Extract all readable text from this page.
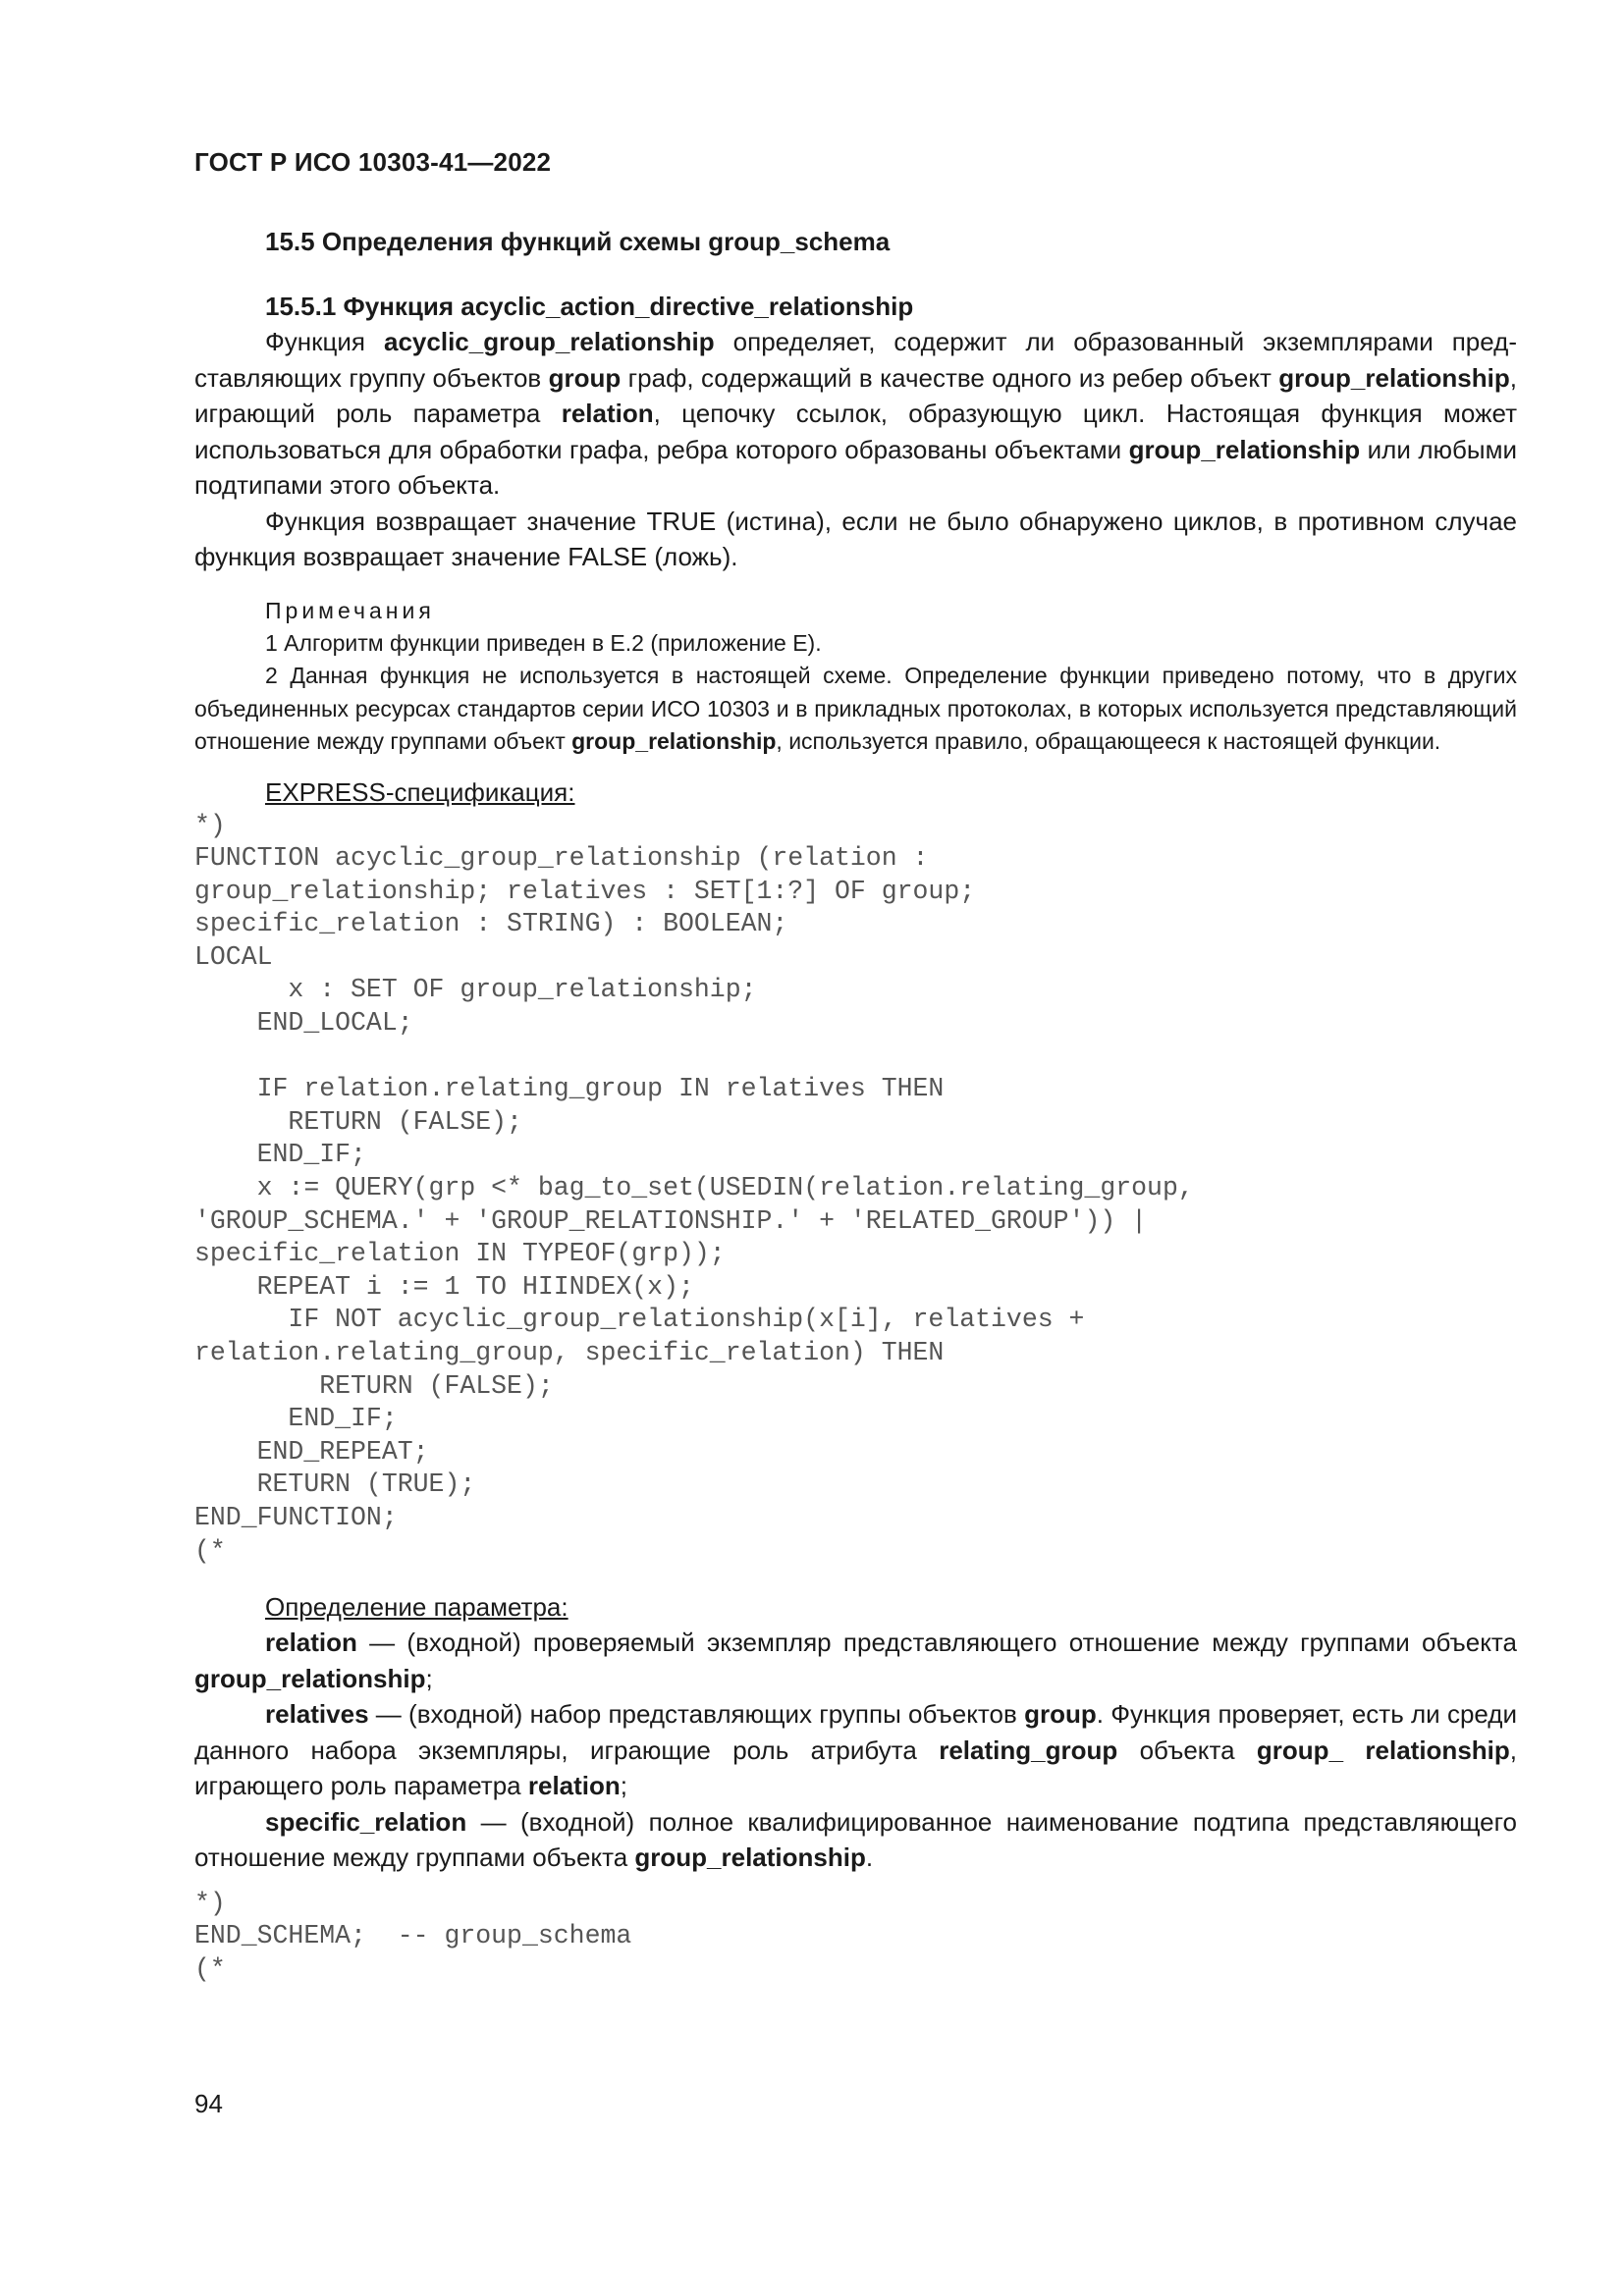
ГОСТ Р ИСО 10303-41—2022
15.5 Определения функций схемы group_schema
15.5.1 Функция acyclic_action_directive_relationship

Функция acyclic_group_relationship определяет, содержит ли образованный экземплярами представляющих группу объектов group граф, содержащий в качестве одного из ребер объект group_relationship, играющий роль параметра relation, цепочку ссылок, образующую цикл. Настоящая функция может использоваться для обработки графа, ребра которого образованы объектами group_relationship или любыми подтипами этого объекта.

Функция возвращает значение TRUE (истина), если не было обнаружено циклов, в противном случае функция возвращает значение FALSE (ложь).

Примечания

1 Алгоритм функции приведен в Е.2 (приложение Е).

2 Данная функция не используется в настоящей схеме. Определение функции приведено потому, что в других объединенных ресурсах стандартов серии ИСО 10303 и в прикладных протоколах, в которых используется представляющий отношение между группами объект group_relationship, используется правило, обращающееся к настоящей функции.

EXPRESS-спецификация:
*)
FUNCTION acyclic_group_relationship (relation :
group_relationship; relatives : SET[1:?] OF group;
specific_relation : STRING) : BOOLEAN;
LOCAL
x : SET OF group_relationship;
END_LOCAL;

IF relation.relating_group IN relatives THEN
RETURN (FALSE);
END_IF;
x := QUERY(grp <* bag_to_set(USEDIN(relation.relating_group,
'GROUP_SCHEMA.' + 'GROUP_RELATIONSHIP.' + 'RELATED_GROUP')) |
specific_relation IN TYPEOF(grp));
REPEAT i := 1 TO HIINDEX(x);
IF NOT acyclic_group_relationship(x[i], relatives +
relation.relating_group, specific_relation) THEN
RETURN (FALSE);
END_IF;
END_REPEAT;
RETURN (TRUE);
END_FUNCTION;
(*
Определение параметра:

relation — (входной) проверяемый экземпляр представляющего отношение между группами объекта group_relationship;

relatives — (входной) набор представляющих группы объектов group. Функция проверяет, есть ли среди данного набора экземпляры, играющие роль атрибута relating_group объекта group_ relationship, играющего роль параметра relation;

specific_relation — (входной) полное квалифицированное наименование подтипа представляющего отношение между группами объекта group_relationship.

*)
END_SCHEMA;  -- group_schema
(*
94
